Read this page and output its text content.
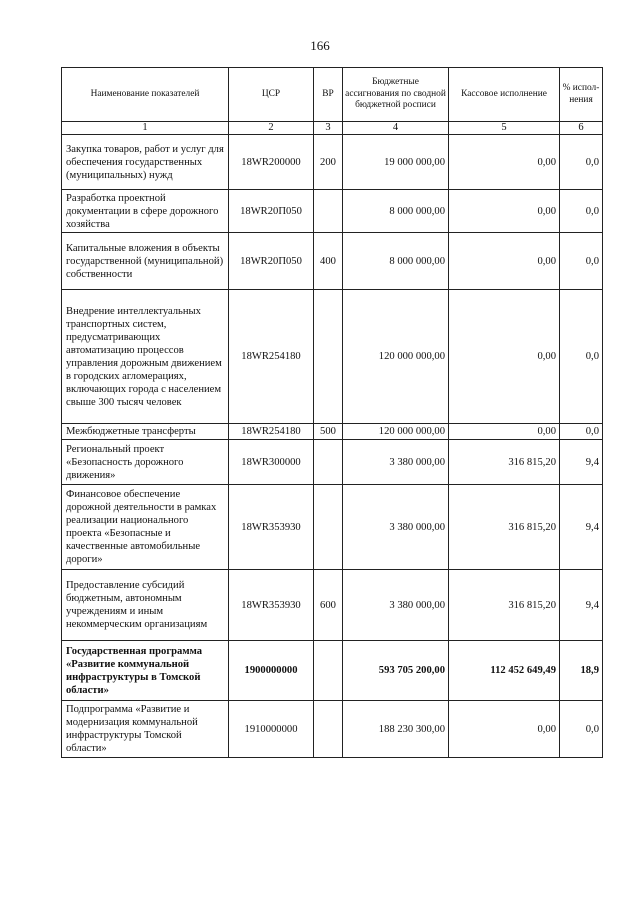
166
Наименование показателей	ЦСР	ВР	Бюджетные ассигнования по сводной бюджетной росписи	Кассовое исполнение	% испол-нения
1	2	3	4	5	6
Закупка товаров, работ и услуг для обеспечения государственных (муниципальных) нужд	18WR200000	200	19 000 000,00	0,00	0,0
Разработка проектной документации в сфере дорожного хозяйства	18WR20П050		8 000 000,00	0,00	0,0
Капитальные вложения в объекты государственной (муниципальной) собственности	18WR20П050	400	8 000 000,00	0,00	0,0
Внедрение интеллектуальных транспортных систем, предусматривающих автоматизацию процессов управления дорожным движением в городских агломерациях, включающих города с населением свыше 300 тысяч человек	18WR254180		120 000 000,00	0,00	0,0
Межбюджетные трансферты	18WR254180	500	120 000 000,00	0,00	0,0
Региональный проект «Безопасность дорожного движения»	18WR300000		3 380 000,00	316 815,20	9,4
Финансовое обеспечение дорожной деятельности в рамках реализации национального проекта «Безопасные и качественные автомобильные дороги»	18WR353930		3 380 000,00	316 815,20	9,4
Предоставление субсидий бюджетным, автономным учреждениям и иным некоммерческим организациям	18WR353930	600	3 380 000,00	316 815,20	9,4
Государственная программа «Развитие коммунальной инфраструктуры в Томской области»	1900000000		593 705 200,00	112 452 649,49	18,9
Подпрограмма «Развитие и модернизация коммунальной инфраструктуры Томской области»	1910000000		188 230 300,00	0,00	0,0
